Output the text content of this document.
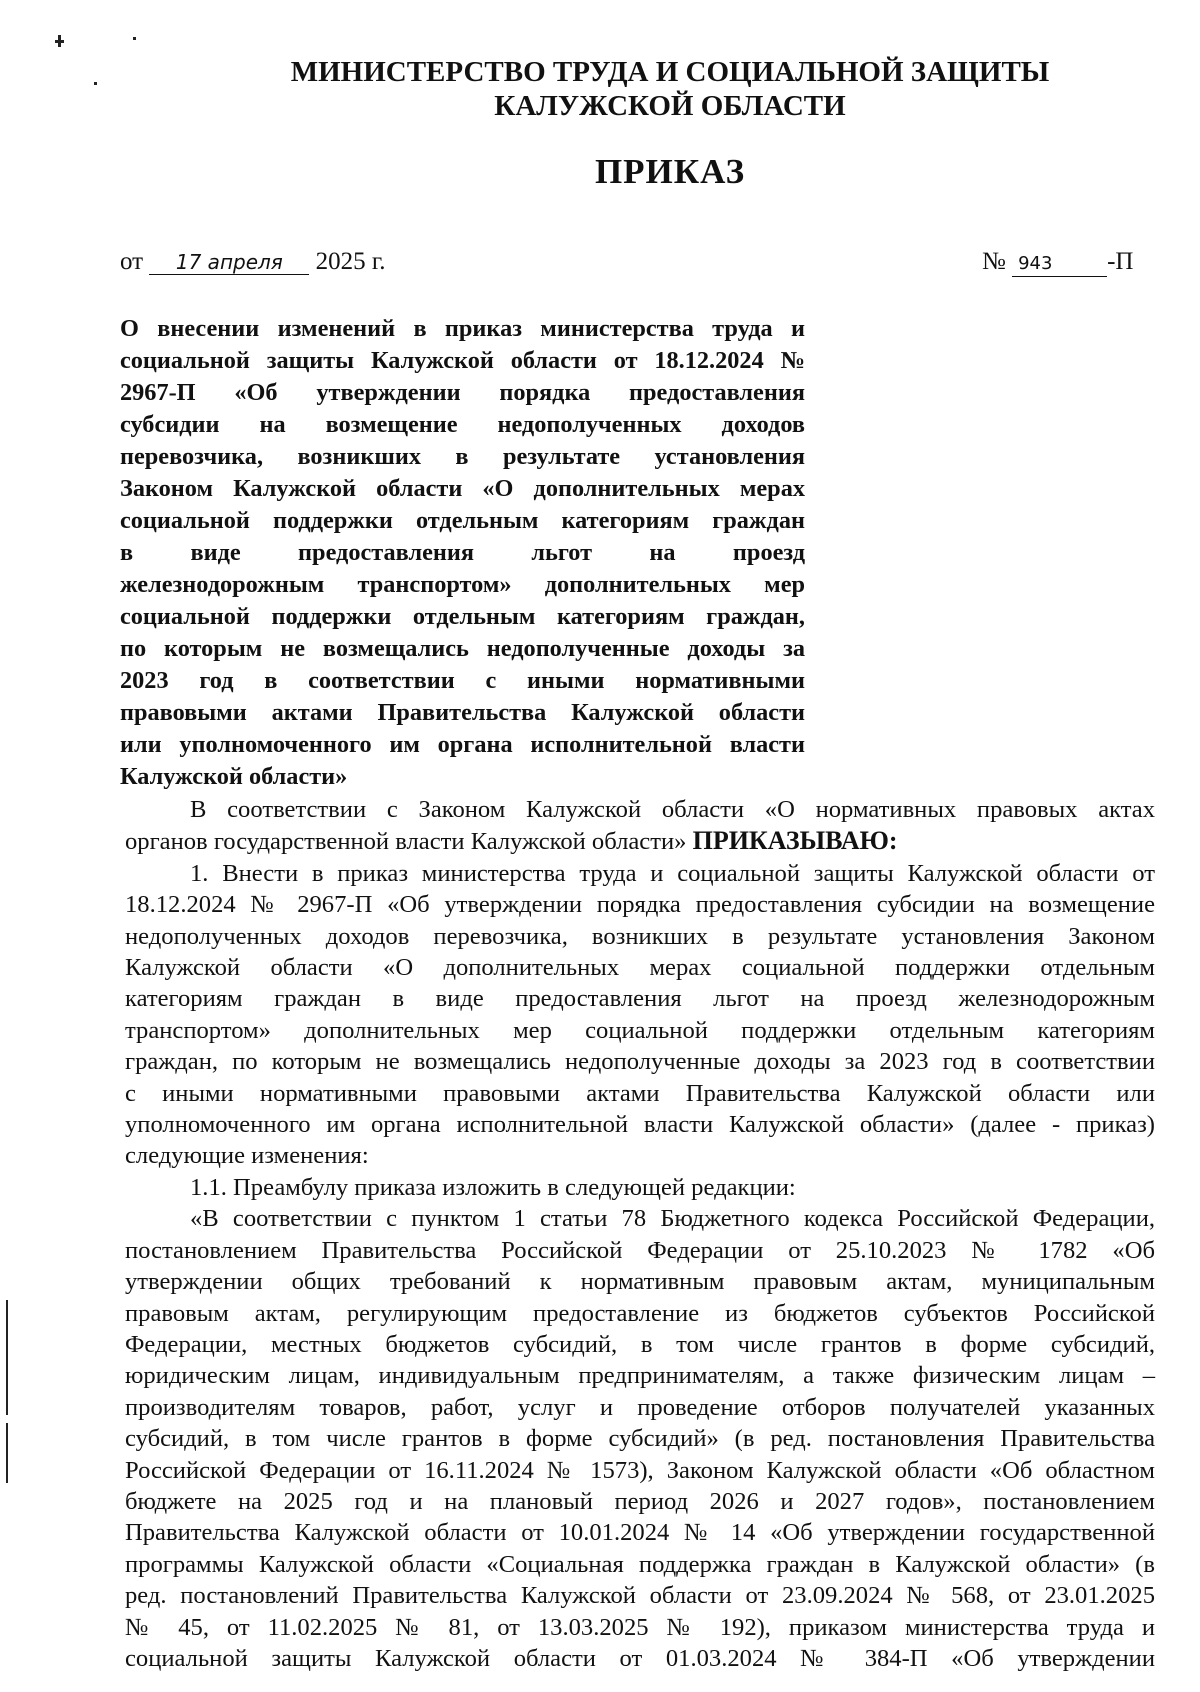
МИНИСТЕРСТВО ТРУДА И СОЦИАЛЬНОЙ ЗАЩИТЫ
КАЛУЖСКОЙ ОБЛАСТИ
ПРИКАЗ
от 17 апреля 2025 г.	№ 943 -П

О внесении изменений в приказ министерства труда и

социальной защиты Калужской области от 18.12.2024 №

2967-П «Об утверждении порядка предоставления

субсидии на возмещение недополученных доходов

перевозчика, возникших в результате установления

Законом Калужской области «О дополнительных мерах

социальной поддержки отдельным категориям граждан

в виде предоставления льгот на проезд

железнодорожным транспортом» дополнительных мер

социальной поддержки отдельным категориям граждан,

по которым не возмещались недополученные доходы за

2023 год в соответствии с иными нормативными

правовыми актами Правительства Калужской области

или уполномоченного им органа исполнительной власти

Калужской области»

В соответствии с Законом Калужской области «О нормативных правовых актах

органов государственной власти Калужской области» ПРИКАЗЫВАЮ:

1. Внести в приказ министерства труда и социальной защиты Калужской области от

18.12.2024 № 2967-П «Об утверждении порядка предоставления субсидии на возмещение

недополученных доходов перевозчика, возникших в результате установления Законом

Калужской области «О дополнительных мерах социальной поддержки отдельным

категориям граждан в виде предоставления льгот на проезд железнодорожным

транспортом» дополнительных мер социальной поддержки отдельным категориям

граждан, по которым не возмещались недополученные доходы за 2023 год в соответствии

с иными нормативными правовыми актами Правительства Калужской области или

уполномоченного им органа исполнительной власти Калужской области» (далее - приказ)

следующие изменения:

1.1. Преамбулу приказа изложить в следующей редакции:

«В соответствии с пунктом 1 статьи 78 Бюджетного кодекса Российской Федерации,

постановлением Правительства Российской Федерации от 25.10.2023 № 1782 «Об

утверждении общих требований к нормативным правовым актам, муниципальным

правовым актам, регулирующим предоставление из бюджетов субъектов Российской

Федерации, местных бюджетов субсидий, в том числе грантов в форме субсидий,

юридическим лицам, индивидуальным предпринимателям, а также физическим лицам –

производителям товаров, работ, услуг и проведение отборов получателей указанных

субсидий, в том числе грантов в форме субсидий» (в ред. постановления Правительства

Российской Федерации от 16.11.2024 № 1573), Законом Калужской области «Об областном

бюджете на 2025 год и на плановый период 2026 и 2027 годов», постановлением

Правительства Калужской области от 10.01.2024 № 14 «Об утверждении государственной

программы Калужской области «Социальная поддержка граждан в Калужской области» (в

ред. постановлений Правительства Калужской области от 23.09.2024 № 568, от 23.01.2025

№ 45, от 11.02.2025 № 81, от 13.03.2025 № 192), приказом министерства труда и

социальной защиты Калужской области от 01.03.2024 № 384-П «Об утверждении
